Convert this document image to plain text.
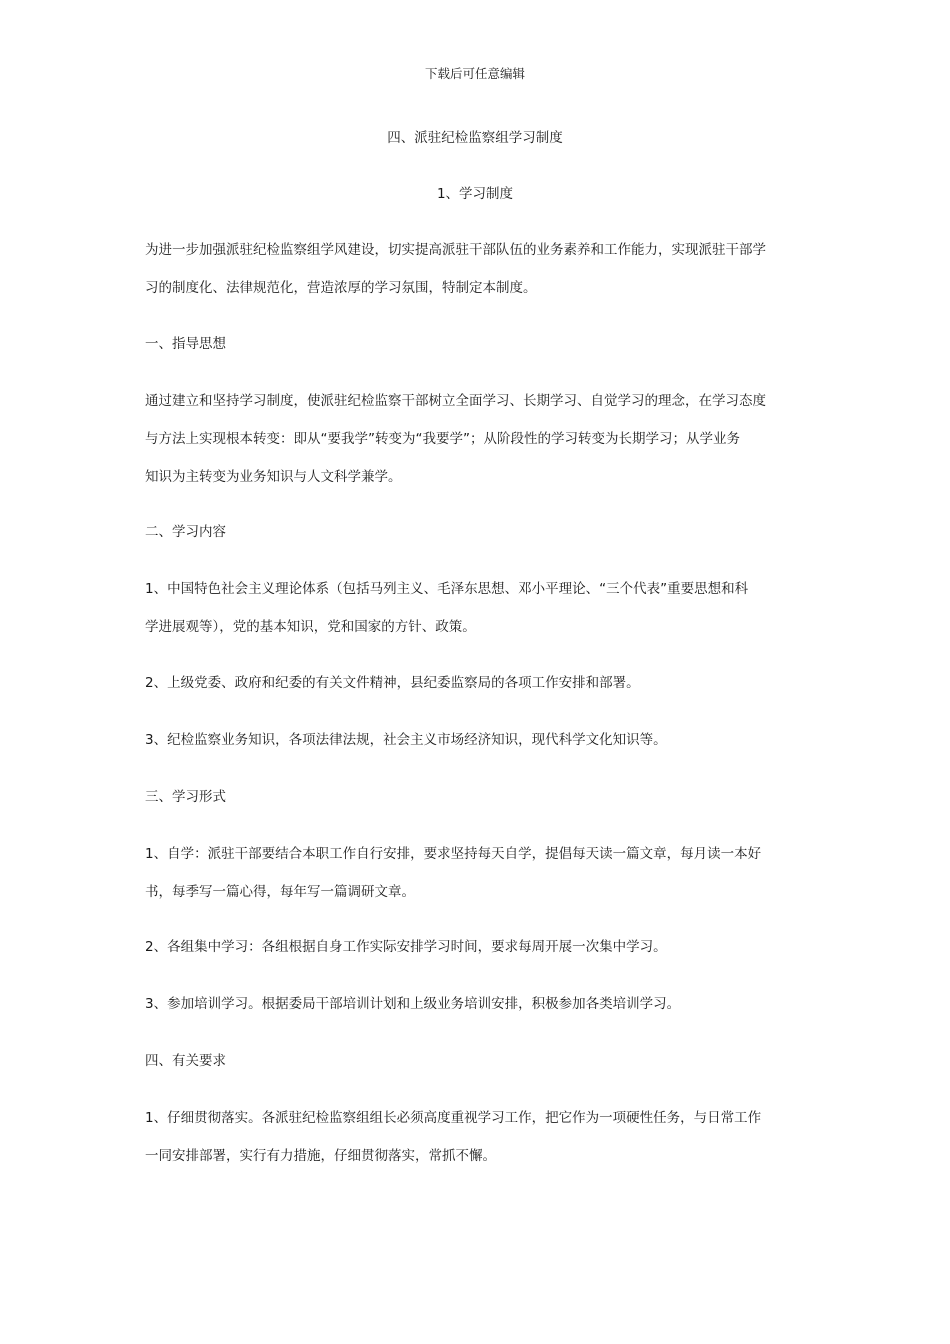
下载后可任意编辑
四、派驻纪检监察组学习制度
1、学习制度
为进一步加强派驻纪检监察组学风建设，切实提高派驻干部队伍的业务素养和工作能力，实现派驻干部学
习的制度化、法律规范化，营造浓厚的学习氛围，特制定本制度。
一、指导思想
通过建立和坚持学习制度，使派驻纪检监察干部树立全面学习、长期学习、自觉学习的理念，在学习态度
与方法上实现根本转变：即从“要我学”转变为“我要学”；从阶段性的学习转变为长期学习；从学业务
知识为主转变为业务知识与人文科学兼学。
二、学习内容
1、中国特色社会主义理论体系（包括马列主义、毛泽东思想、邓小平理论、“三个代表”重要思想和科
学进展观等），党的基本知识，党和国家的方针、政策。
2、上级党委、政府和纪委的有关文件精神，县纪委监察局的各项工作安排和部署。
3、纪检监察业务知识，各项法律法规，社会主义市场经济知识，现代科学文化知识等。
三、学习形式
1、自学：派驻干部要结合本职工作自行安排，要求坚持每天自学，提倡每天读一篇文章，每月读一本好
书，每季写一篇心得，每年写一篇调研文章。
2、各组集中学习：各组根据自身工作实际安排学习时间，要求每周开展一次集中学习。
3、参加培训学习。根据委局干部培训计划和上级业务培训安排，积极参加各类培训学习。
四、有关要求
1、仔细贯彻落实。各派驻纪检监察组组长必须高度重视学习工作，把它作为一项硬性任务，与日常工作
一同安排部署，实行有力措施，仔细贯彻落实，常抓不懈。
